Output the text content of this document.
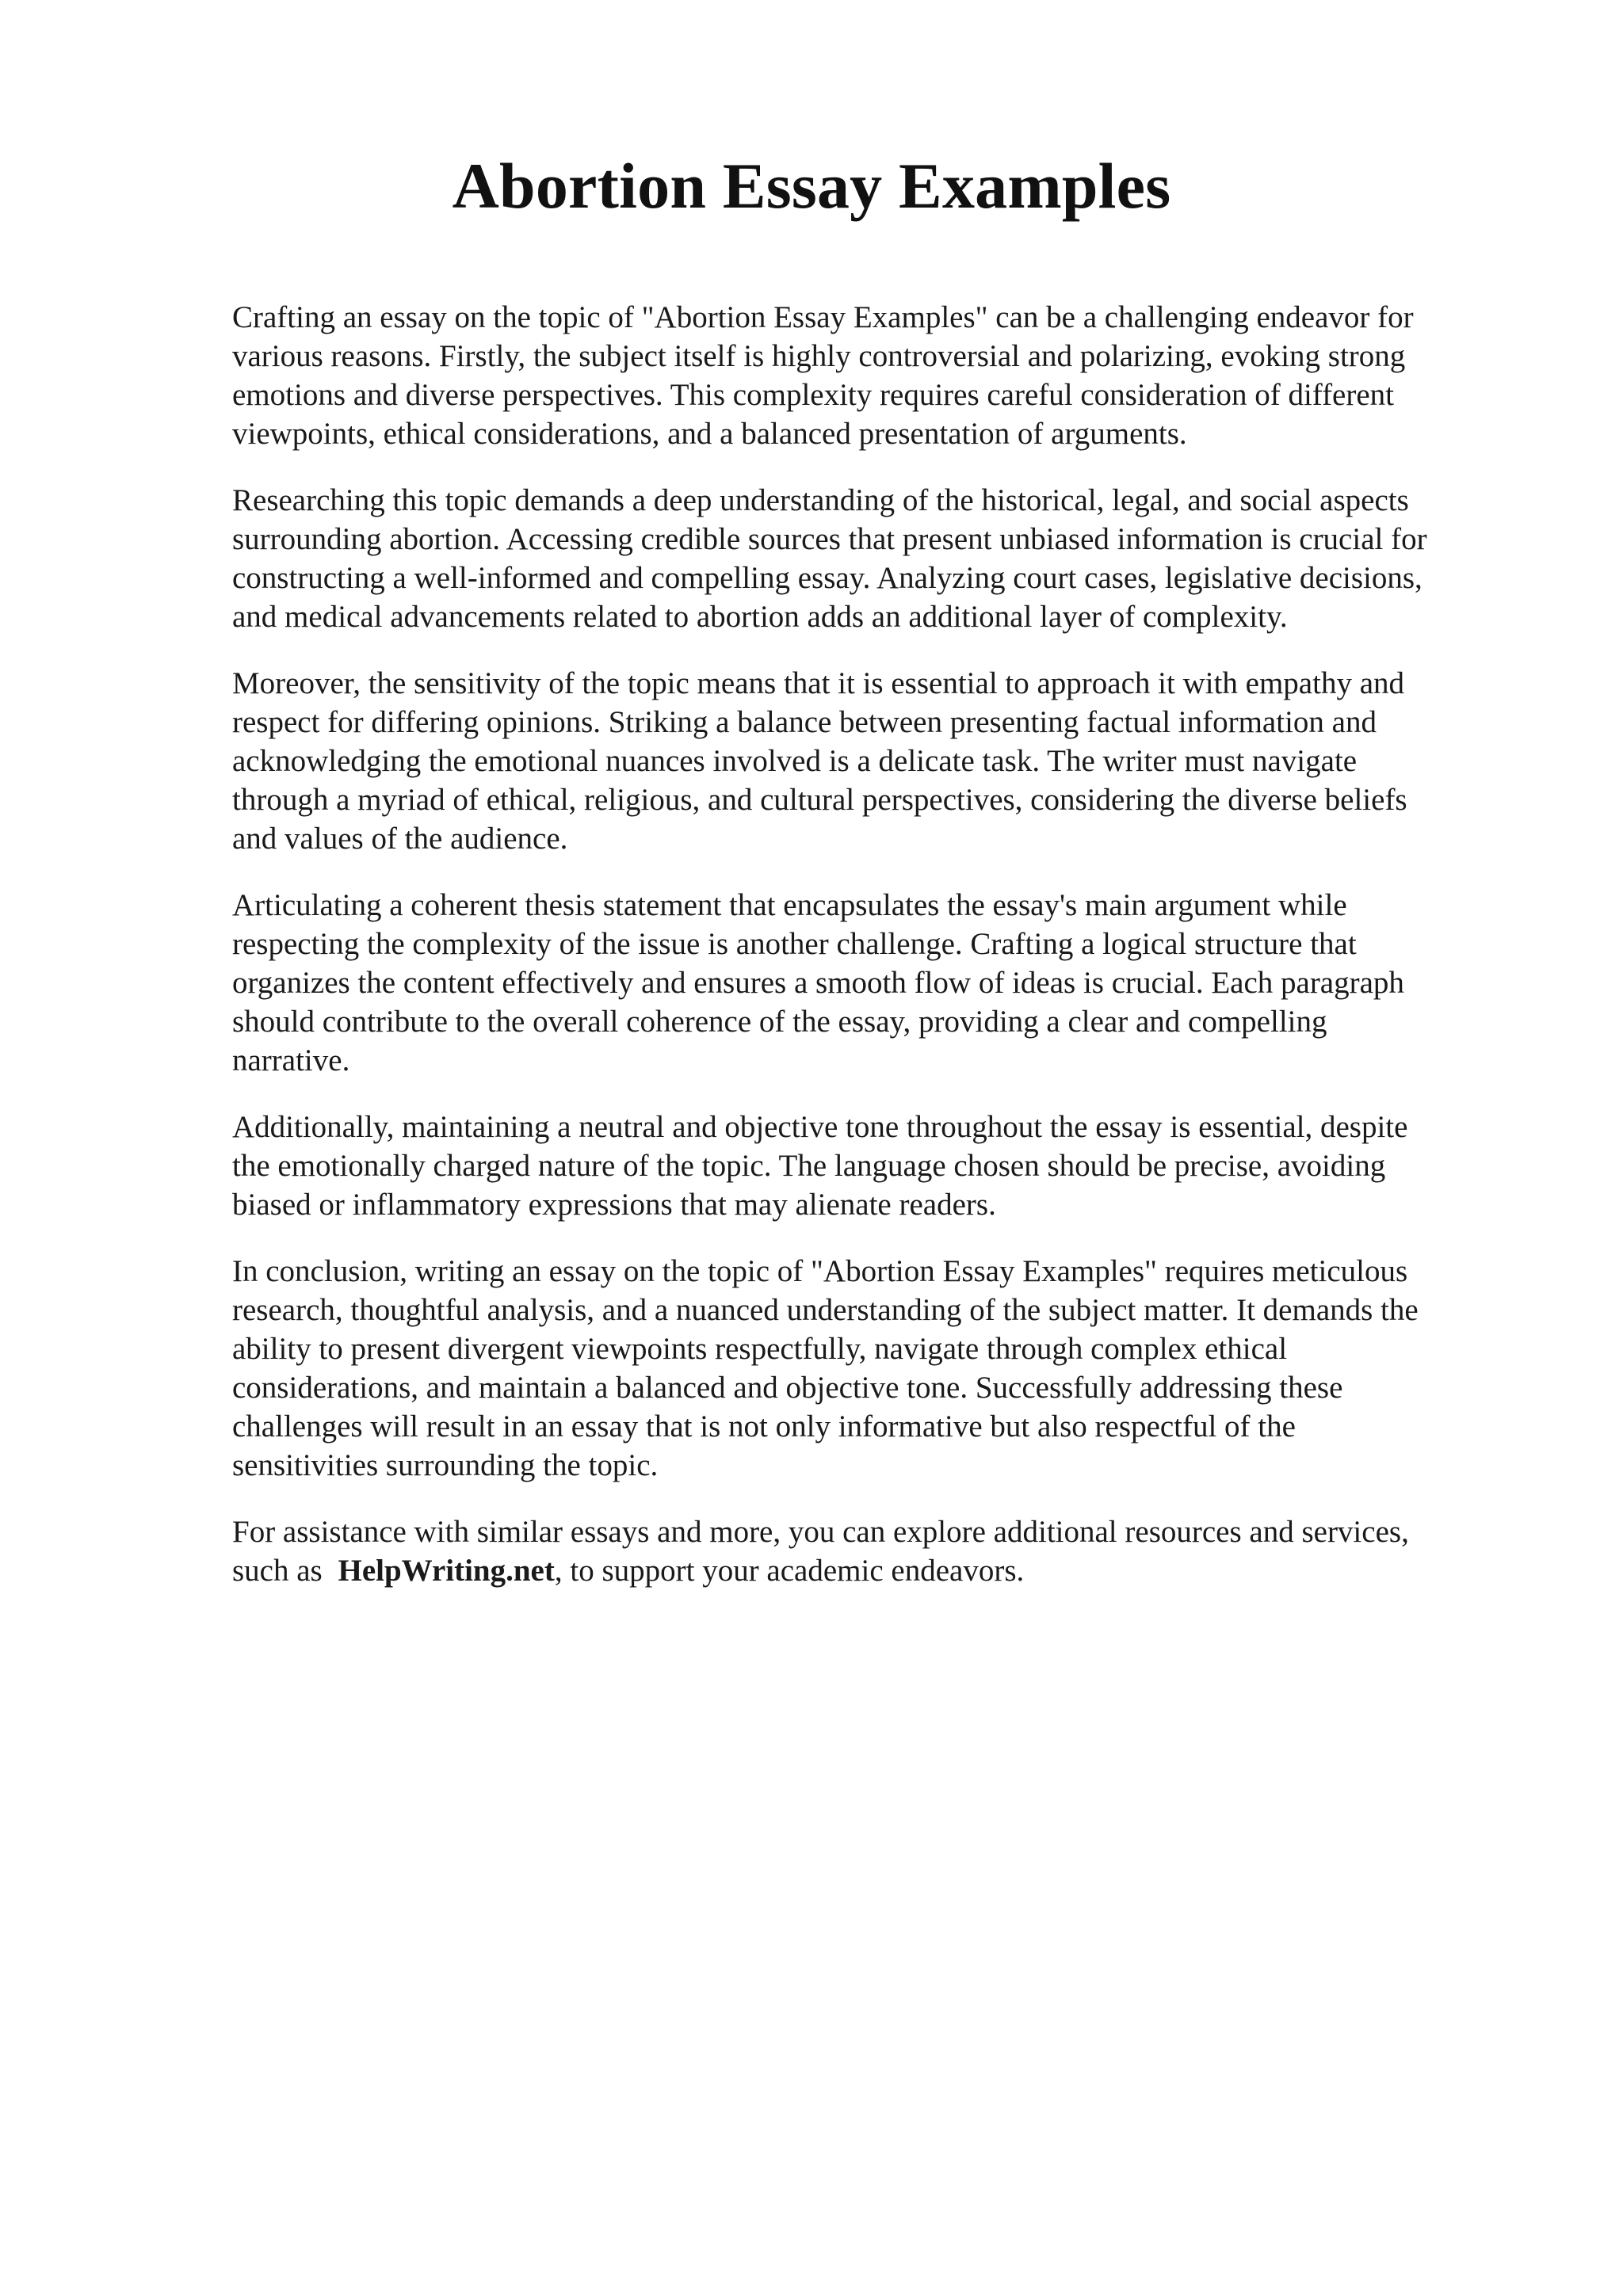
Abortion Essay Examples

Crafting an essay on the topic of "Abortion Essay Examples" can be a challenging endeavor for
various reasons. Firstly, the subject itself is highly controversial and polarizing, evoking strong
emotions and diverse perspectives. This complexity requires careful consideration of different
viewpoints, ethical considerations, and a balanced presentation of arguments.

Researching this topic demands a deep understanding of the historical, legal, and social aspects
surrounding abortion. Accessing credible sources that present unbiased information is crucial for
constructing a well-informed and compelling essay. Analyzing court cases, legislative decisions,
and medical advancements related to abortion adds an additional layer of complexity.

Moreover, the sensitivity of the topic means that it is essential to approach it with empathy and
respect for differing opinions. Striking a balance between presenting factual information and
acknowledging the emotional nuances involved is a delicate task. The writer must navigate
through a myriad of ethical, religious, and cultural perspectives, considering the diverse beliefs
and values of the audience.

Articulating a coherent thesis statement that encapsulates the essay's main argument while
respecting the complexity of the issue is another challenge. Crafting a logical structure that
organizes the content effectively and ensures a smooth flow of ideas is crucial. Each paragraph
should contribute to the overall coherence of the essay, providing a clear and compelling
narrative.

Additionally, maintaining a neutral and objective tone throughout the essay is essential, despite
the emotionally charged nature of the topic. The language chosen should be precise, avoiding
biased or inflammatory expressions that may alienate readers.

In conclusion, writing an essay on the topic of "Abortion Essay Examples" requires meticulous
research, thoughtful analysis, and a nuanced understanding of the subject matter. It demands the
ability to present divergent viewpoints respectfully, navigate through complex ethical
considerations, and maintain a balanced and objective tone. Successfully addressing these
challenges will result in an essay that is not only informative but also respectful of the
sensitivities surrounding the topic.

For assistance with similar essays and more, you can explore additional resources and services,
such as HelpWriting.net, to support your academic endeavors.
